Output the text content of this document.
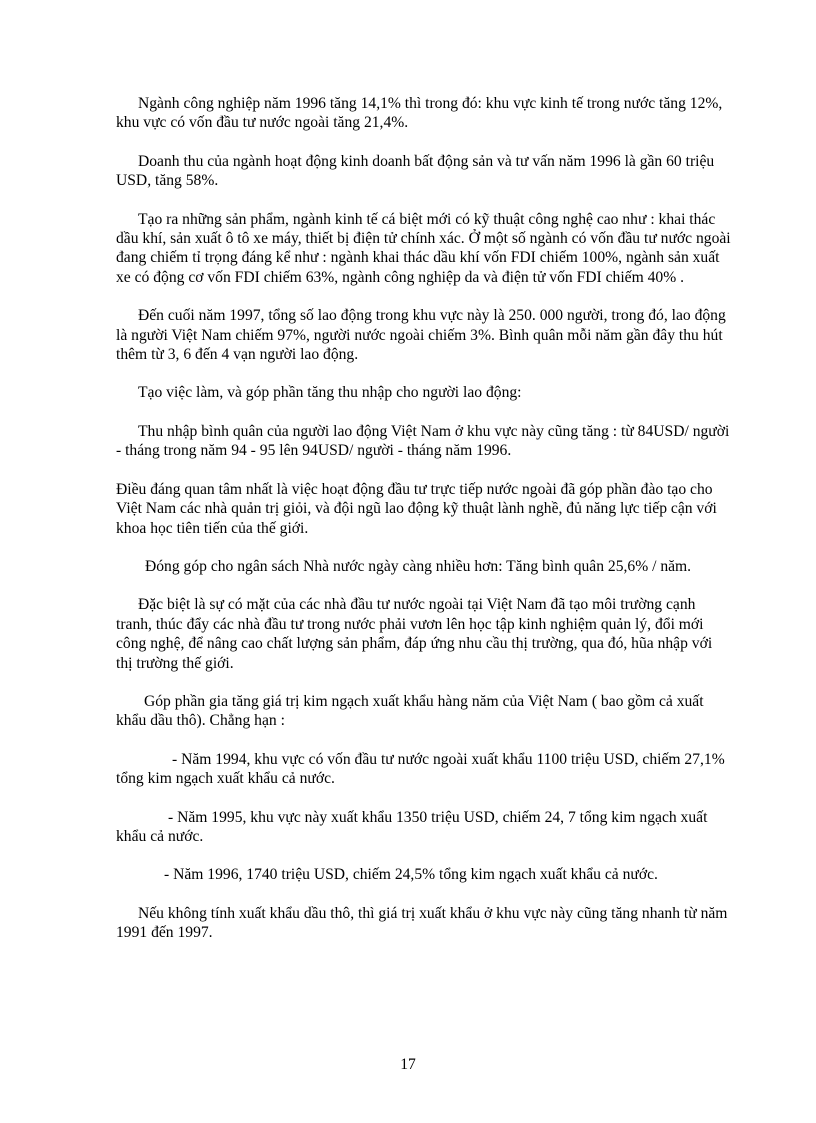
Ngành công nghiệp năm 1996 tăng 14,1% thì trong đó: khu vực kinh tế trong nước tăng 12%, khu vực có vốn đầu tư nước ngoài tăng 21,4%.

Doanh thu của ngành hoạt động kinh doanh bất động sản và tư vấn năm 1996 là gần 60 triệu USD, tăng 58%.

Tạo ra những sản phẩm, ngành kinh tế cá biệt mới có kỹ thuật công nghệ cao như : khai thác dầu khí, sản xuất ô tô xe máy, thiết bị điện tử chính xác. Ở một số ngành có vốn đầu tư nước ngoài đang chiếm tỉ trọng đáng kể như : ngành khai thác dầu khí vốn FDI chiếm 100%, ngành sản xuất xe có động cơ vốn FDI chiếm 63%, ngành công nghiệp da và điện tử vốn FDI chiếm 40% .

Đến cuối năm 1997, tổng số lao động trong khu vực này là 250. 000 người, trong đó, lao động là người Việt Nam chiếm 97%, người nước ngoài chiếm 3%. Bình quân mỗi năm gần đây thu hút thêm từ 3, 6 đến 4 vạn người lao động.

Tạo việc làm, và góp phần tăng thu nhập cho người lao động:

Thu nhập bình quân của người lao động Việt Nam ở khu vực này cũng tăng : từ 84USD/ người - tháng trong năm 94 - 95 lên 94USD/ người - tháng năm 1996.

Điều đáng quan tâm nhất là việc hoạt động đầu tư trực tiếp nước ngoài đã góp phần đào tạo cho Việt Nam các nhà quản trị giỏi, và đội ngũ lao động kỹ thuật lành nghề, đủ năng lực tiếp cận với khoa học tiên tiến của thế giới.

Đóng góp cho ngân sách Nhà nước ngày càng nhiều hơn: Tăng bình quân 25,6% / năm.

Đặc biệt là sự có mặt của các nhà đầu tư nước ngoài tại Việt Nam đã tạo môi trường cạnh tranh, thúc đẩy các nhà đầu tư trong nước phải vươn lên học tập kinh nghiệm quản lý, đổi mới công nghệ, để nâng cao chất lượng sản phẩm, đáp ứng nhu cầu thị trường, qua đó, hũa nhập với thị trường thế giới.

Góp phần gia tăng giá trị kim ngạch xuất khẩu hàng năm của Việt Nam ( bao gồm cả xuất khẩu dầu thô). Chẳng hạn :

- Năm 1994, khu vực có vốn đầu tư nước ngoài xuất khẩu 1100 triệu USD, chiếm 27,1% tổng kim ngạch xuất khẩu cả nước.

- Năm 1995, khu vực này xuất khẩu 1350 triệu USD, chiếm 24, 7 tổng kim ngạch xuất khẩu cả nước.

- Năm 1996, 1740 triệu USD, chiếm 24,5% tổng kim ngạch xuất khẩu cả nước.

Nếu không tính xuất khẩu dầu thô, thì giá trị xuất khẩu ở khu vực này cũng tăng nhanh từ năm 1991 đến 1997.

17
